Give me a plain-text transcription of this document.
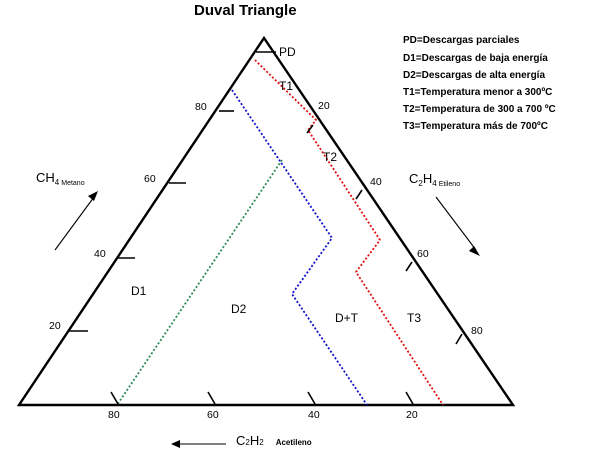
Duval Triangle
PD=Descargas parciales
D1=Descargas de baja energía
D2=Descargas de alta energía
T1=Temperatura menor a 300ºC
T2=Temperatura de 300 a 700 ºC
T3=Temperatura más de 700ºC
80
60
40
20
20
40
60
80
80	60	40	20
PD
T1
T2
D1
D2
D+T	T3
CH4 Metano	C2H4 Etileno
C2H2 Acetileno
